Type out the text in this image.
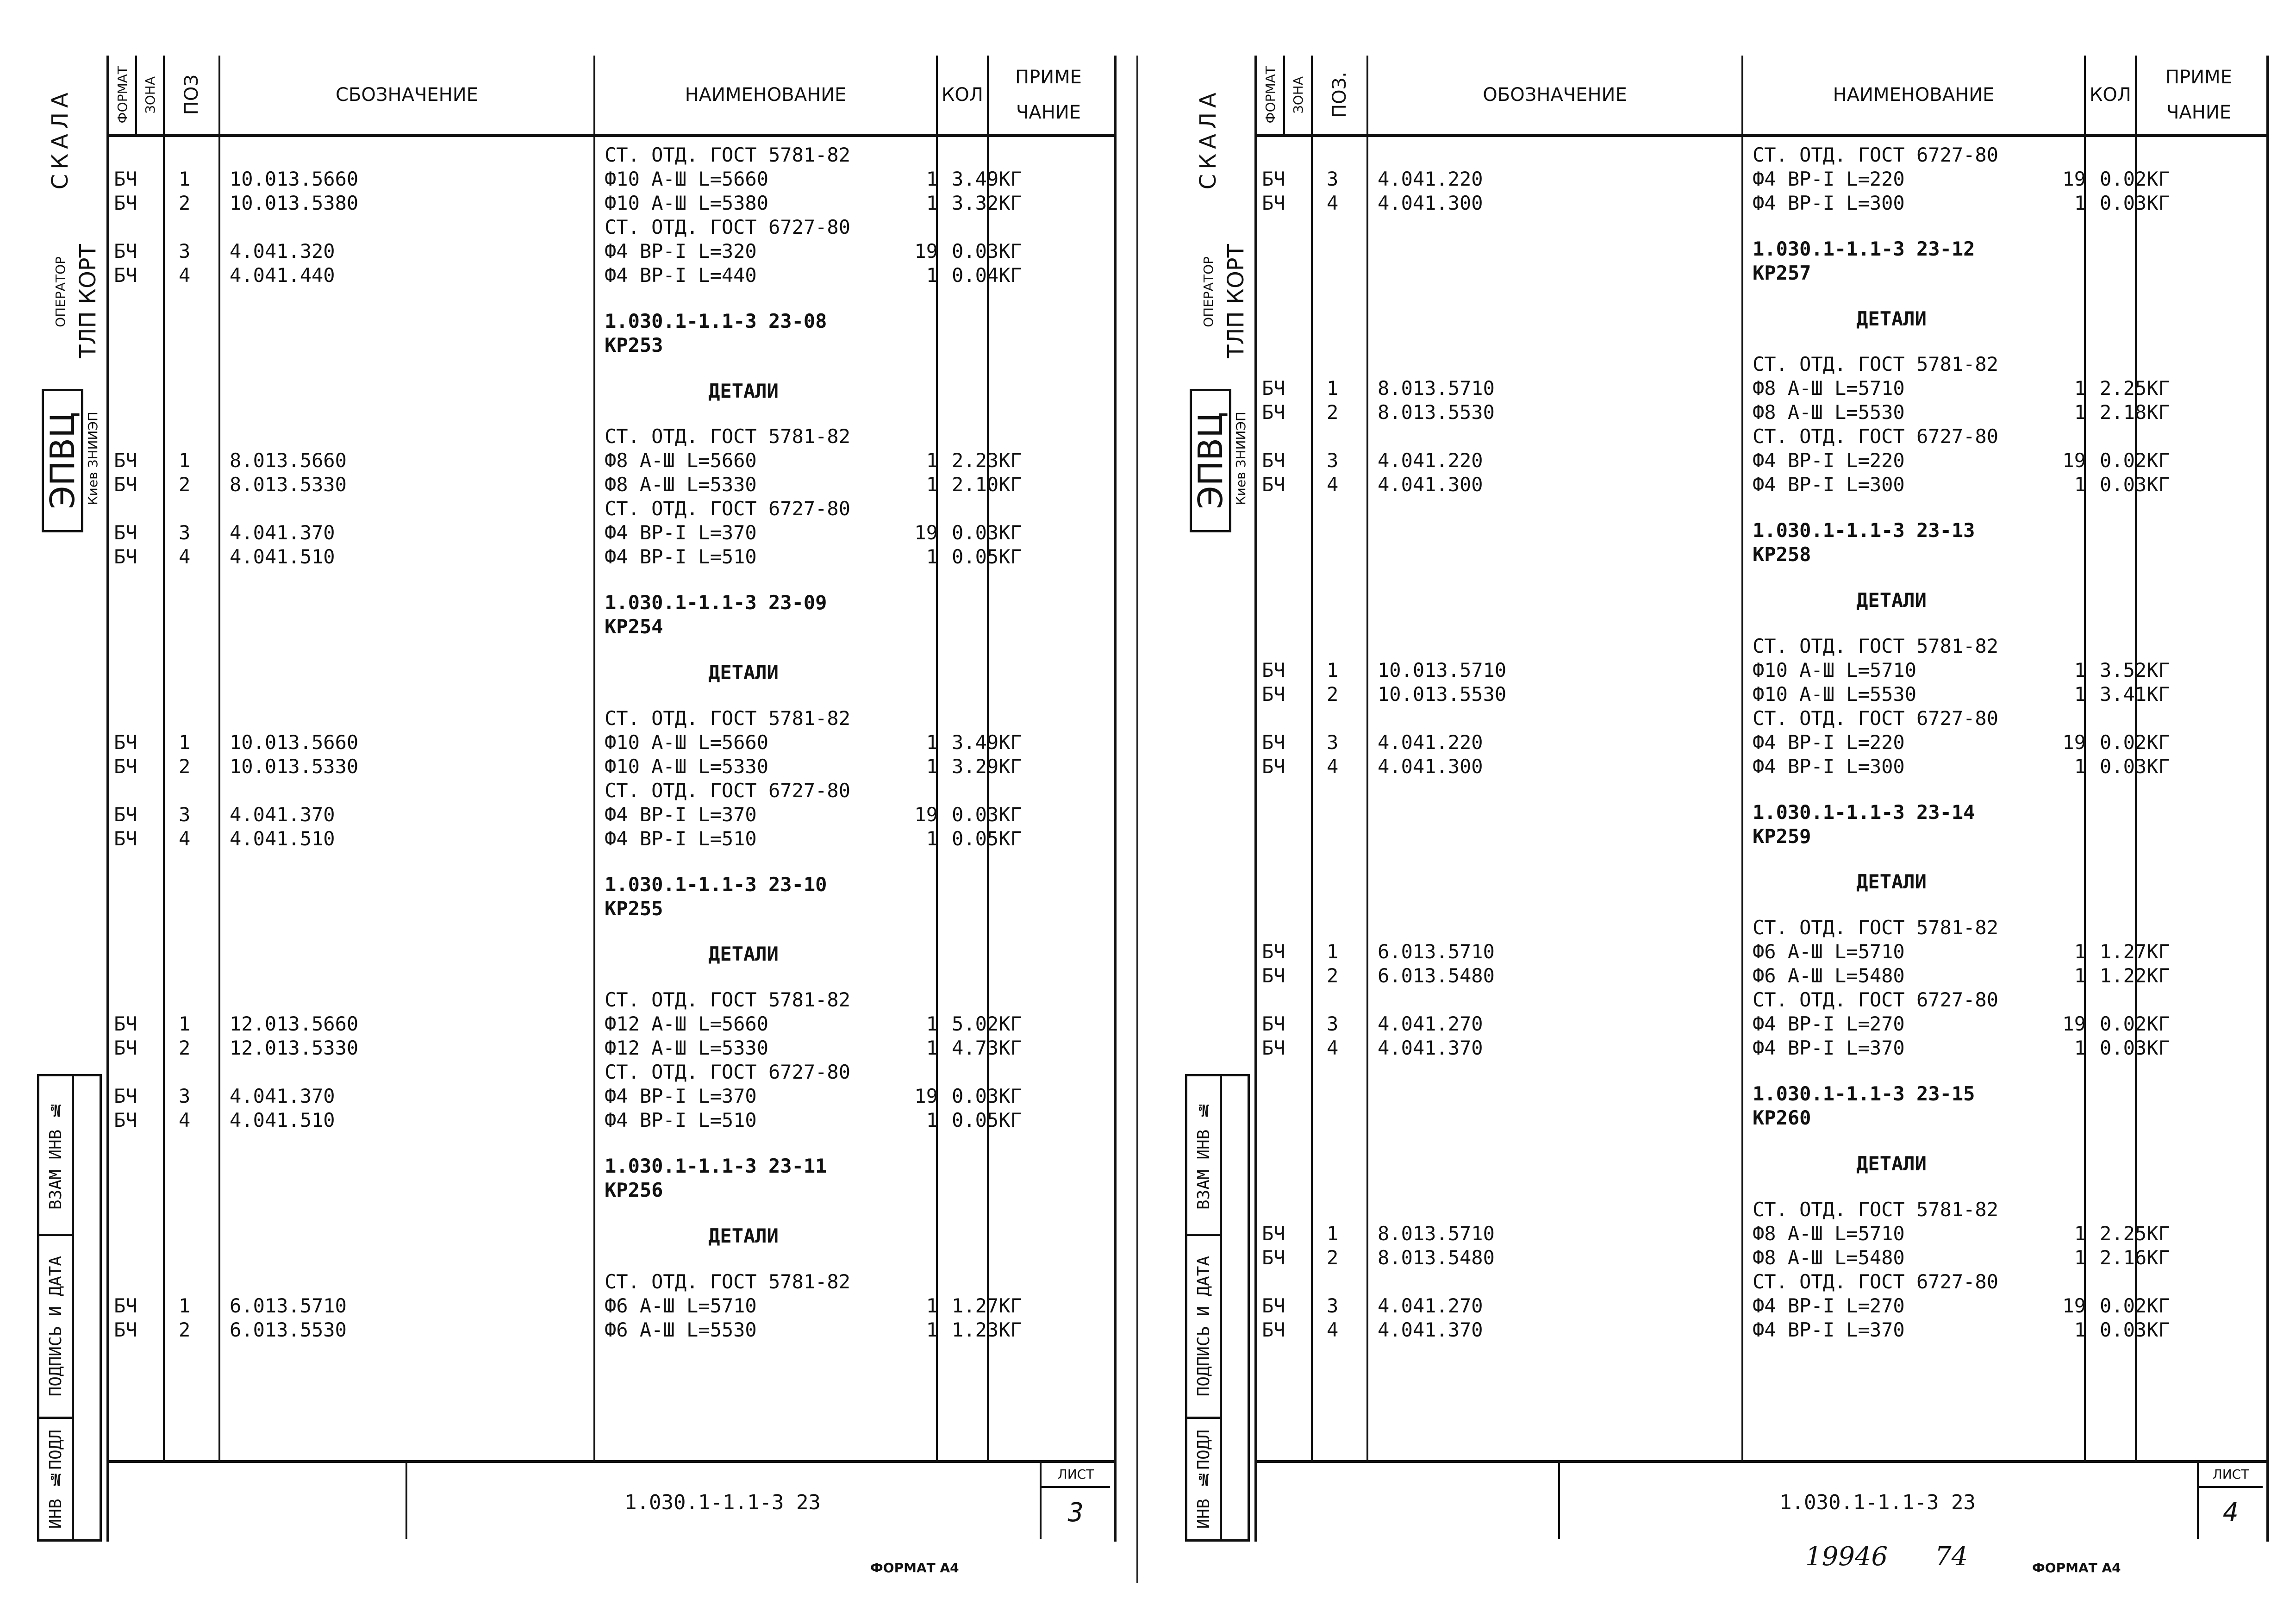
СКАЛА
ОПЕРАТОР ТЛП КОРТ
ЭПВЦ Киев ЗНИИЭП
ВЗАМ ИНВ №
ПОДПИСЬ И ДАТА
ИНВ №ПОДЛ
ФОРМАТ ЗОНА ПОЗ	СБОЗНАЧЕНИЕ	НАИМЕНОВАНИЕ	КОЛ
ПРИМЕ
ЧАНИЕ
СТ. ОТД. ГОСТ 5781-82
БЧ 1 10.013.5660	Ф10 А-Ш L=5660	1 3.49КГ
БЧ 2 10.013.5380	Ф10 А-Ш L=5380	1 3.32КГ
СТ. ОТД. ГОСТ 6727-80
БЧ 3 4.041.320	Ф4 ВР-I L=320	19 0.03КГ
БЧ 4 4.041.440	Ф4 ВР-I L=440	1 0.04КГ
1.030.1-1.1-3 23-08
КР253
ДЕТАЛИ
СТ. ОТД. ГОСТ 5781-82
БЧ 1 8.013.5660	Ф8 А-Ш L=5660	1 2.23КГ
БЧ 2 8.013.5330	Ф8 А-Ш L=5330	1 2.10КГ
СТ. ОТД. ГОСТ 6727-80
БЧ 3 4.041.370	Ф4 ВР-I L=370	19 0.03КГ
БЧ 4 4.041.510	Ф4 ВР-I L=510	1 0.05КГ
1.030.1-1.1-3 23-09
КР254
ДЕТАЛИ
СТ. ОТД. ГОСТ 5781-82
БЧ 1 10.013.5660	Ф10 А-Ш L=5660	1 3.49КГ
БЧ 2 10.013.5330	Ф10 А-Ш L=5330	1 3.29КГ
СТ. ОТД. ГОСТ 6727-80
БЧ 3 4.041.370	Ф4 ВР-I L=370	19 0.03КГ
БЧ 4 4.041.510	Ф4 ВР-I L=510	1 0.05КГ
1.030.1-1.1-3 23-10
КР255
ДЕТАЛИ
СТ. ОТД. ГОСТ 5781-82
БЧ 1 12.013.5660	Ф12 А-Ш L=5660	1 5.02КГ
БЧ 2 12.013.5330	Ф12 А-Ш L=5330	1 4.73КГ
СТ. ОТД. ГОСТ 6727-80
БЧ 3 4.041.370	Ф4 ВР-I L=370	19 0.03КГ
БЧ 4 4.041.510	Ф4 ВР-I L=510	1 0.05КГ
1.030.1-1.1-3 23-11
КР256
ДЕТАЛИ
СТ. ОТД. ГОСТ 5781-82
БЧ 1 6.013.5710	Ф6 А-Ш L=5710	1 1.27КГ
БЧ 2 6.013.5530	Ф6 А-Ш L=5530	1 1.23КГ
1.030.1-1.1-3 23
ЛИСТ
3
ФОРМАТ А4
СКАЛА
ОПЕРАТОР ТЛП КОРТ
ЭПВЦ Киев ЗНИИЭП
ВЗАМ ИНВ №
ПОДПИСЬ И ДАТА
ИНВ №ПОДЛ
ФОРМАТ ЗОНА ПОЗ.	ОБОЗНАЧЕНИЕ	НАИМЕНОВАНИЕ	КОЛ
ПРИМЕ
ЧАНИЕ
СТ. ОТД. ГОСТ 6727-80
БЧ 3 4.041.220	Ф4 ВР-I L=220	19 0.02КГ
БЧ 4 4.041.300	Ф4 ВР-I L=300	1 0.03КГ
1.030.1-1.1-3 23-12
КР257
ДЕТАЛИ
СТ. ОТД. ГОСТ 5781-82
БЧ 1 8.013.5710	Ф8 А-Ш L=5710	1 2.25КГ
БЧ 2 8.013.5530	Ф8 А-Ш L=5530	1 2.18КГ
СТ. ОТД. ГОСТ 6727-80
БЧ 3 4.041.220	Ф4 ВР-I L=220	19 0.02КГ
БЧ 4 4.041.300	Ф4 ВР-I L=300	1 0.03КГ
1.030.1-1.1-3 23-13
КР258
ДЕТАЛИ
СТ. ОТД. ГОСТ 5781-82
БЧ 1 10.013.5710	Ф10 А-Ш L=5710	1 3.52КГ
БЧ 2 10.013.5530	Ф10 А-Ш L=5530	1 3.41КГ
СТ. ОТД. ГОСТ 6727-80
БЧ 3 4.041.220	Ф4 ВР-I L=220	19 0.02КГ
БЧ 4 4.041.300	Ф4 ВР-I L=300	1 0.03КГ
1.030.1-1.1-3 23-14
КР259
ДЕТАЛИ
СТ. ОТД. ГОСТ 5781-82
БЧ 1 6.013.5710	Ф6 А-Ш L=5710	1 1.27КГ
БЧ 2 6.013.5480	Ф6 А-Ш L=5480	1 1.22КГ
СТ. ОТД. ГОСТ 6727-80
БЧ 3 4.041.270	Ф4 ВР-I L=270	19 0.02КГ
БЧ 4 4.041.370	Ф4 ВР-I L=370	1 0.03КГ
1.030.1-1.1-3 23-15
КР260
ДЕТАЛИ
СТ. ОТД. ГОСТ 5781-82
БЧ 1 8.013.5710	Ф8 А-Ш L=5710	1 2.25КГ
БЧ 2 8.013.5480	Ф8 А-Ш L=5480	1 2.16КГ
СТ. ОТД. ГОСТ 6727-80
БЧ 3 4.041.270	Ф4 ВР-I L=270	19 0.02КГ
БЧ 4 4.041.370	Ф4 ВР-I L=370	1 0.03КГ
1.030.1-1.1-3 23
ЛИСТ
4
19946 74	ФОРМАТ А4
